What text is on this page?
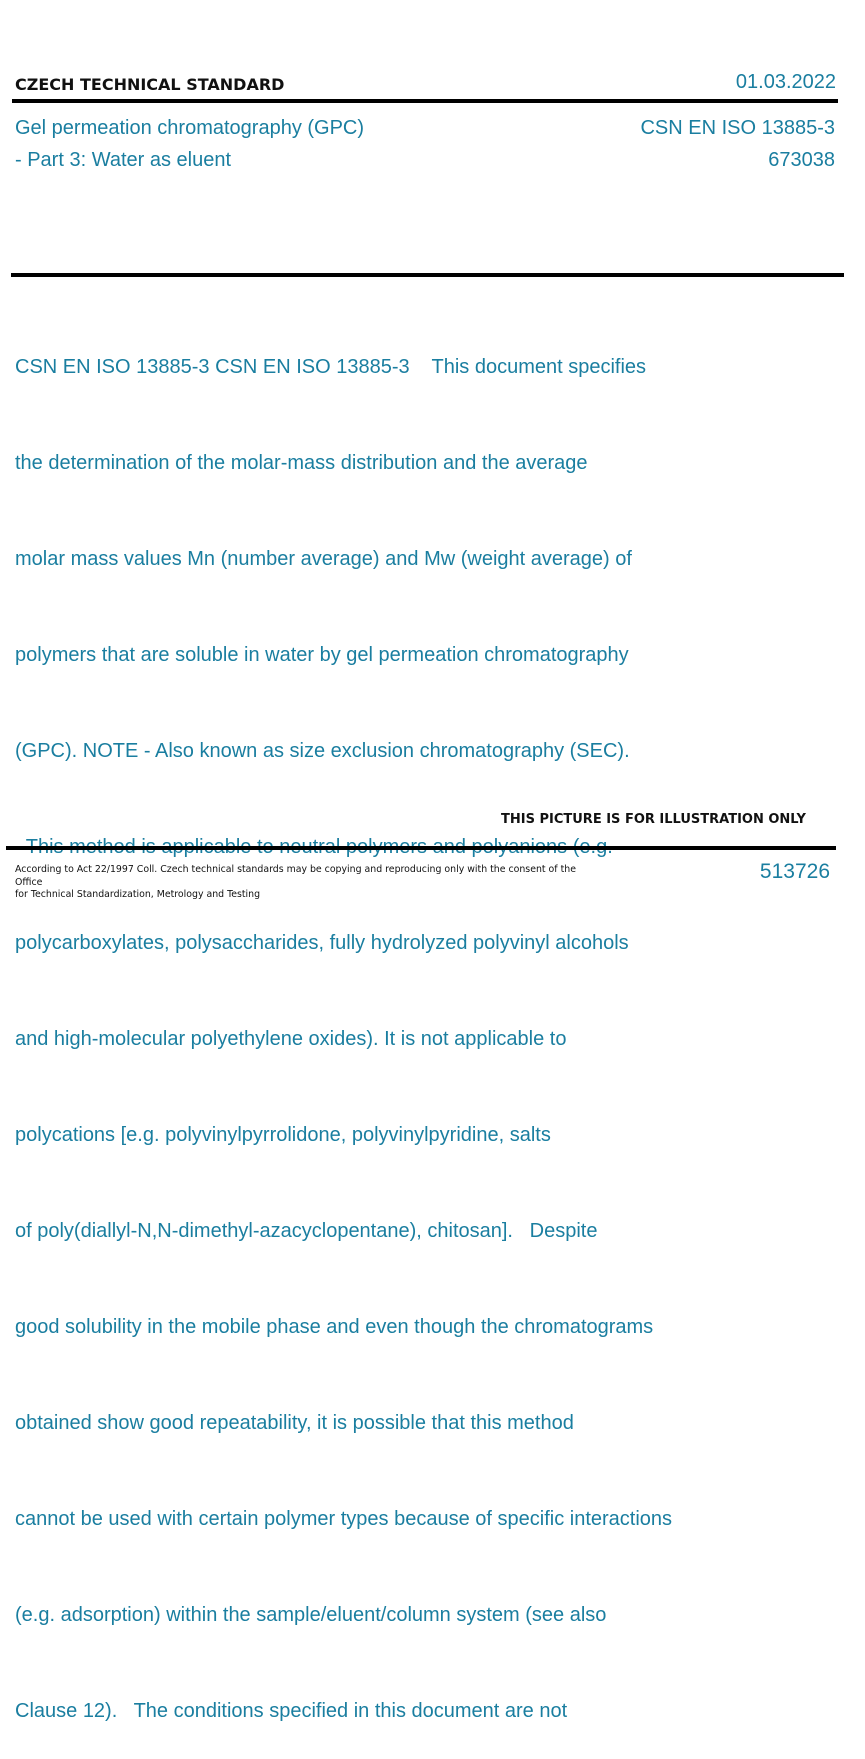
CZECH TECHNICAL STANDARD	01.03.2022
Gel permeation chromatography (GPC)
- Part 3: Water as eluent
CSN EN ISO 13885-3
673038

CSN EN ISO 13885-3 CSN EN ISO 13885-3    This document specifies

the determination of the molar-mass distribution and the average

molar mass values Mn (number average) and Mw (weight average) of

polymers that are soluble in water by gel permeation chromatography

(GPC). NOTE - Also known as size exclusion chromatography (SEC).

polycarboxylates, polysaccharides, fully hydrolyzed polyvinyl alcohols

and high-molecular polyethylene oxides). It is not applicable to

polycations [e.g. polyvinylpyrrolidone, polyvinylpyridine, salts

of poly(diallyl-N,N-dimethyl-azacyclopentane), chitosan].   Despite

good solubility in the mobile phase and even though the chromatograms

obtained show good repeatability, it is possible that this method

cannot be used with certain polymer types because of specific interactions

(e.g. adsorption) within the sample/eluent/column system (see also

Clause 12).   The conditions specified in this document are not

THIS PICTURE IS FOR ILLUSTRATION ONLY
According to Act 22/1997 Coll. Czech technical standards may be copying and reproducing only with the consent of the Office
for Technical Standardization, Metrology and Testing
513726
